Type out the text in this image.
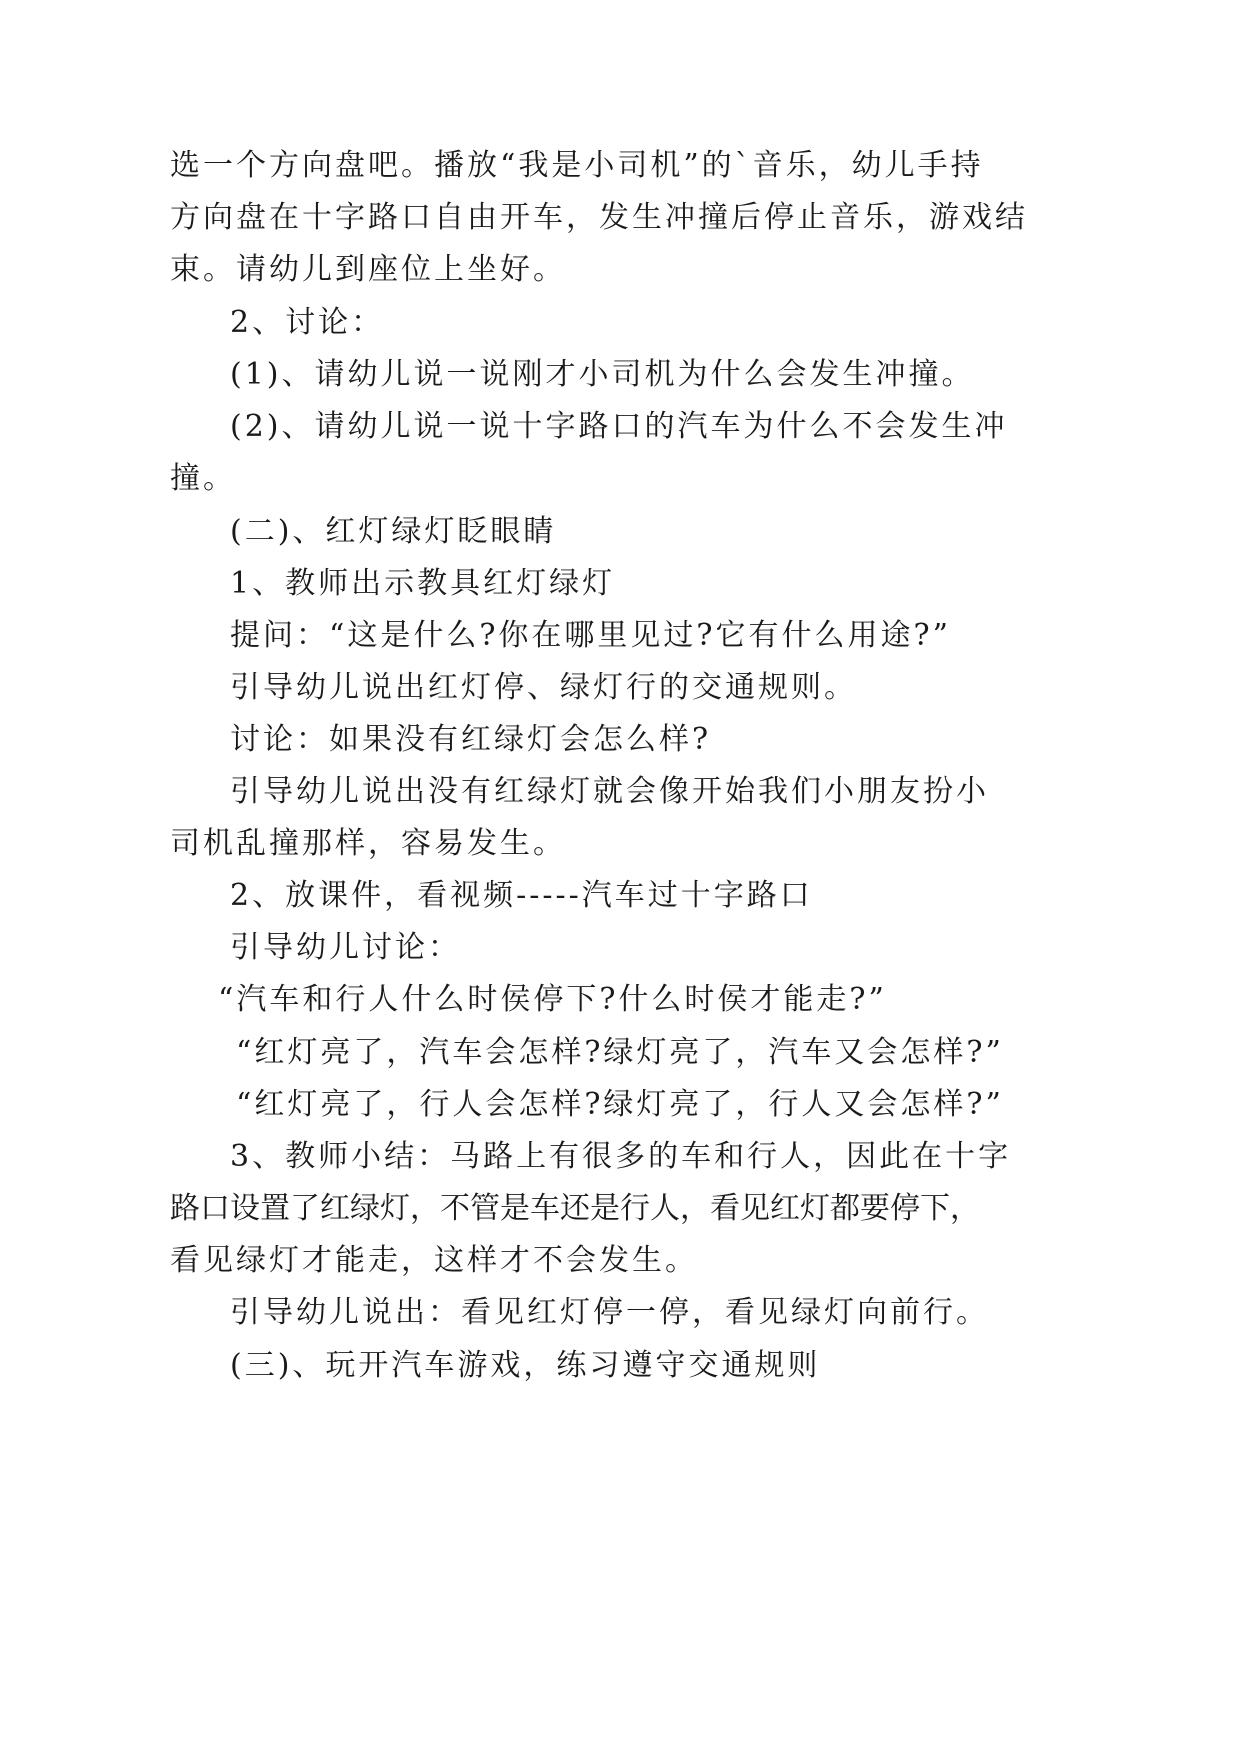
选一个方向盘吧。播放“我是小司机”的`音乐，幼儿手持
方向盘在十字路口自由开车，发生冲撞后停止音乐，游戏结
束。请幼儿到座位上坐好。
2、讨论：
(1)、请幼儿说一说刚才小司机为什么会发生冲撞。
(2)、请幼儿说一说十字路口的汽车为什么不会发生冲
撞。
(二)、红灯绿灯眨眼睛
1、教师出示教具红灯绿灯
提问：“这是什么?你在哪里见过?它有什么用途?”
引导幼儿说出红灯停、绿灯行的交通规则。
讨论：如果没有红绿灯会怎么样?
引导幼儿说出没有红绿灯就会像开始我们小朋友扮小
司机乱撞那样，容易发生。
2、放课件，看视频-----汽车过十字路口
引导幼儿讨论：
“汽车和行人什么时侯停下?什么时侯才能走?”
“红灯亮了，汽车会怎样?绿灯亮了，汽车又会怎样?”
“红灯亮了，行人会怎样?绿灯亮了，行人又会怎样?”
3、教师小结：马路上有很多的车和行人，因此在十字
路口设置了红绿灯，不管是车还是行人，看见红灯都要停下，
看见绿灯才能走，这样才不会发生。
引导幼儿说出：看见红灯停一停，看见绿灯向前行。
(三)、玩开汽车游戏，练习遵守交通规则
